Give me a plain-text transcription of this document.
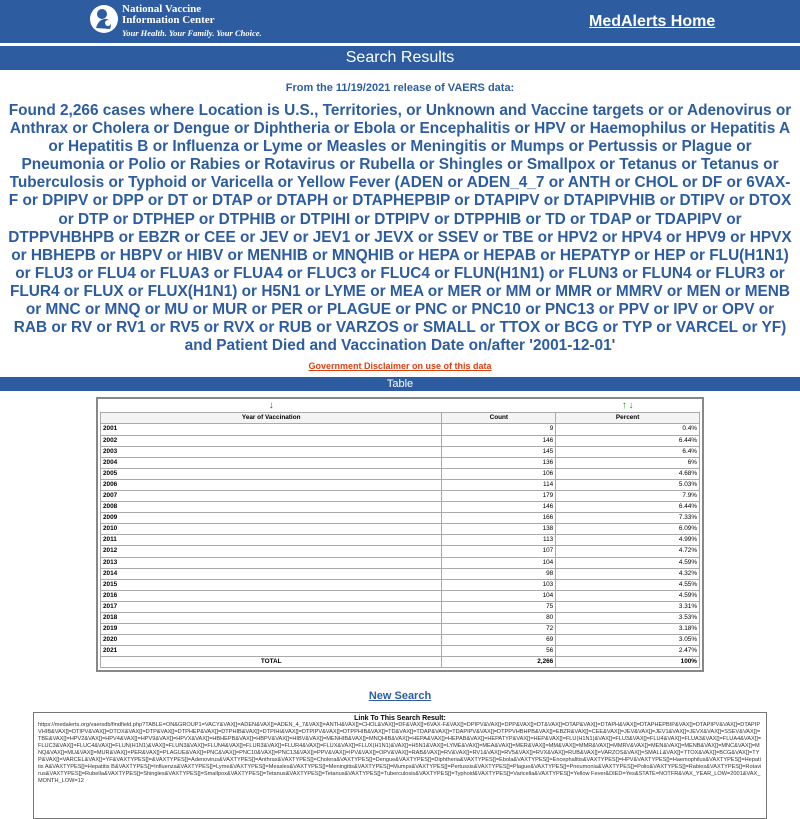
National Vaccine
Information Center
Your Health. Your Family. Your Choice.
MedAlerts Home
Search Results
From the 11/19/2021 release of VAERS data:
Found 2,266 cases where Location is U.S., Territories, or Unknown and Vaccine targets or or Adenovirus or Anthrax or Cholera or Dengue or Diphtheria or Ebola or Encephalitis or HPV or Haemophilus or Hepatitis A or Hepatitis B or Influenza or Lyme or Measles or Meningitis or Mumps or Pertussis or Plague or Pneumonia or Polio or Rabies or Rotavirus or Rubella or Shingles or Smallpox or Tetanus or Tetanus or Tuberculosis or Typhoid or Varicella or Yellow Fever (ADEN or ADEN_4_7 or ANTH or CHOL or DF or 6VAX-F or DPIPV or DPP or DT or DTAP or DTAPH or DTAPHEPBIP or DTAPIPV or DTAPIPVHIB or DTIPV or DTOX or DTP or DTPHEP or DTPHIB or DTPIHI or DTPIPV or DTPPHIB or TD or TDAP or TDAPIPV or DTPPVHBHPB or EBZR or CEE or JEV or JEV1 or JEVX or SSEV or TBE or HPV2 or HPV4 or HPV9 or HPVX or HBHEPB or HBPV or HIBV or MENHIB or MNQHIB or HEPA or HEPAB or HEPATYP or HEP or FLU(H1N1) or FLU3 or FLU4 or FLUA3 or FLUA4 or FLUC3 or FLUC4 or FLUN(H1N1) or FLUN3 or FLUN4 or FLUR3 or FLUR4 or FLUX or FLUX(H1N1) or H5N1 or LYME or MEA or MER or MM or MMR or MMRV or MEN or MENB or MNC or MNQ or MU or MUR or PER or PLAGUE or PNC or PNC10 or PNC13 or PPV or IPV or OPV or RAB or RV or RV1 or RV5 or RVX or RUB or VARZOS or SMALL or TTOX or BCG or TYP or VARCEL or YF) and Patient Died and Vaccination Date on/after '2001-12-01'
Government Disclaimer on use of this data
Table
↓		↑ ↓
Year of Vaccination	Count	Percent
2001	9	0.4%
2002	146	6.44%
2003	145	6.4%
2004	136	6%
2005	106	4.68%
2006	114	5.03%
2007	179	7.9%
2008	146	6.44%
2009	166	7.33%
2010	138	6.09%
2011	113	4.99%
2012	107	4.72%
2013	104	4.59%
2014	98	4.32%
2015	103	4.55%
2016	104	4.59%
2017	75	3.31%
2018	80	3.53%
2019	72	3.18%
2020	69	3.05%
2021	56	2.47%
TOTAL	2,266	100%
New Search
Link To This Search Result:
https://medalerts.org/vaersdb/findfield.php?TABLE=ON&GROUP1=VACY&VAX[]=ADEN&VAX[]=ADEN_4_7&VAX[]=ANTH&VAX[]=CHOL&VAX[]=DF&VAX[]=6VAX-F&VAX[]=DPIPV&VAX[]=DPP&VAX[]=DT&VAX[]=DTAP&VAX[]=DTAPH&VAX[]=DTAPHEPBIP&VAX[]=DTAPIPV&VAX[]=DTAPIPVHIB&VAX[]=DTIPV&VAX[]=DTOX&VAX[]=DTP&VAX[]=DTPHEP&VAX[]=DTPHIB&VAX[]=DTPIHI&VAX[]=DTPIPV&VAX[]=DTPPHIB&VAX[]=TD&VAX[]=TDAP&VAX[]=TDAPIPV&VAX[]=DTPPVHBHPB&VAX[]=EBZR&VAX[]=CEE&VAX[]=JEV&VAX[]=JEV1&VAX[]=JEVX&VAX[]=SSEV&VAX[]=TBE&VAX[]=HPV2&VAX[]=HPV4&VAX[]=HPV9&VAX[]=HPVX&VAX[]=HBHEPB&VAX[]=HBPV&VAX[]=HIBV&VAX[]=MENHIB&VAX[]=MNQHIB&VAX[]=HEPA&VAX[]=HEPAB&VAX[]=HEPATYP&VAX[]=HEP&VAX[]=FLU(H1N1)&VAX[]=FLU3&VAX[]=FLU4&VAX[]=FLUA3&VAX[]=FLUA4&VAX[]=FLUC3&VAX[]=FLUC4&VAX[]=FLUN(H1N1)&VAX[]=FLUN3&VAX[]=FLUN4&VAX[]=FLUR3&VAX[]=FLUR4&VAX[]=FLUX&VAX[]=FLUX(H1N1)&VAX[]=H5N1&VAX[]=LYME&VAX[]=MEA&VAX[]=MER&VAX[]=MM&VAX[]=MMR&VAX[]=MMRV&VAX[]=MEN&VAX[]=MENB&VAX[]=MNC&VAX[]=MNQ&VAX[]=MU&VAX[]=MUR&VAX[]=PER&VAX[]=PLAGUE&VAX[]=PNC&VAX[]=PNC10&VAX[]=PNC13&VAX[]=PPV&VAX[]=IPV&VAX[]=OPV&VAX[]=RAB&VAX[]=RV&VAX[]=RV1&VAX[]=RV5&VAX[]=RVX&VAX[]=RUB&VAX[]=VARZOS&VAX[]=SMALL&VAX[]=TTOX&VAX[]=BCG&VAX[]=TYP&VAX[]=VARCEL&VAX[]=YF&VAXTYPES[]=&VAXTYPES[]=Adenovirus&VAXTYPES[]=Anthrax&VAXTYPES[]=Cholera&VAXTYPES[]=Dengue&VAXTYPES[]=Diphtheria&VAXTYPES[]=Ebola&VAXTYPES[]=Encephalitis&VAXTYPES[]=HPV&VAXTYPES[]=Haemophilus&VAXTYPES[]=Hepatitis A&VAXTYPES[]=Hepatitis B&VAXTYPES[]=Influenza&VAXTYPES[]=Lyme&VAXTYPES[]=Measles&VAXTYPES[]=Meningitis&VAXTYPES[]=Mumps&VAXTYPES[]=Pertussis&VAXTYPES[]=Plague&VAXTYPES[]=Pneumonia&VAXTYPES[]=Polio&VAXTYPES[]=Rabies&VAXTYPES[]=Rotavirus&VAXTYPES[]=Rubella&VAXTYPES[]=Shingles&VAXTYPES[]=Smallpox&VAXTYPES[]=Tetanus&VAXTYPES[]=Tetanus&VAXTYPES[]=Tuberculosis&VAXTYPES[]=Typhoid&VAXTYPES[]=Varicella&VAXTYPES[]=Yellow Fever&DIED=Yes&STATE=NOTFR&VAX_YEAR_LOW=2001&VAX_MONTH_LOW=12
